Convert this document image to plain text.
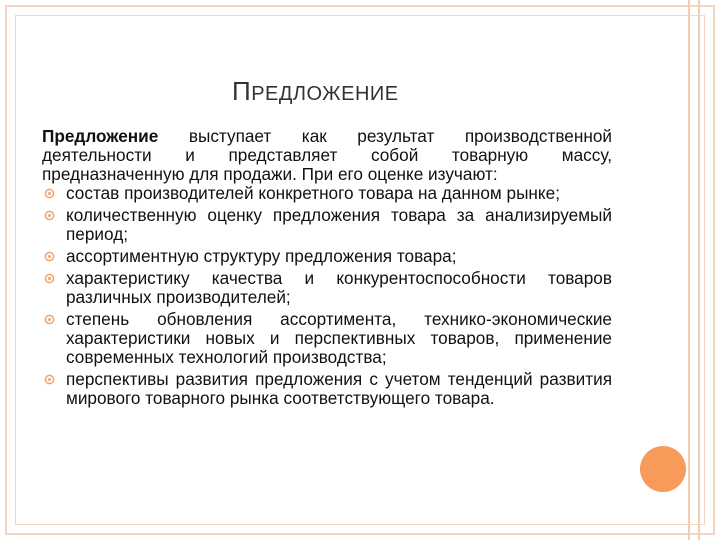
ПРЕДЛОЖЕНИЕ

Предложение выступает как результат производственной деятельности и представляет собой товарную массу, предназначенную для продажи. При его оценке изучают:

состав производителей конкретного товара на данном рынке;
количественную оценку предложения товара за анализируемый период;
ассортиментную структуру предложения товара;
характеристику качества и конкурентоспособности товаров различных производителей;
степень обновления ассортимента, технико-экономические характеристики новых и перспективных товаров, применение современных технологий производства;
перспективы развития предложения с учетом тенденций развития мирового товарного рынка соответствующего товара.
